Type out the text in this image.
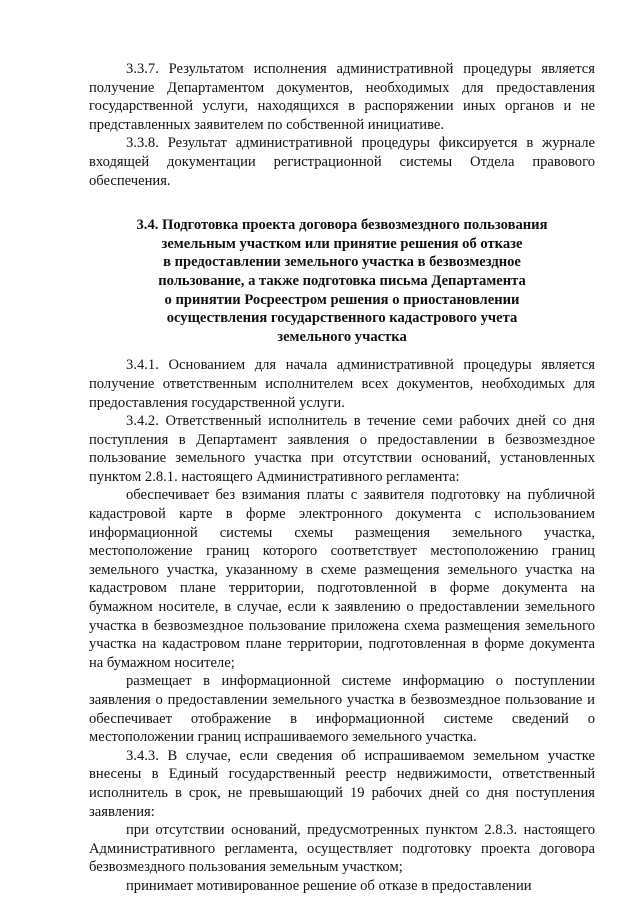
3.3.7. Результатом исполнения административной процедуры является получение Департаментом документов, необходимых для предоставления государственной услуги, находящихся в распоряжении иных органов и не представленных заявителем по собственной инициативе.

3.3.8. Результат административной процедуры фиксируется в журнале входящей документации регистрационной системы Отдела правового обеспечения.

3.4. Подготовка проекта договора безвозмездного пользования
земельным участком или принятие решения об отказе
в предоставлении земельного участка в безвозмездное
пользование, а также подготовка письма Департамента
о принятии Росреестром решения о приостановлении
осуществления государственного кадастрового учета
земельного участка

3.4.1. Основанием для начала административной процедуры является получение ответственным исполнителем всех документов, необходимых для предоставления государственной услуги.

3.4.2. Ответственный исполнитель в течение семи рабочих дней со дня поступления в Департамент заявления о предоставлении в безвозмездное пользование земельного участка при отсутствии оснований, установленных пунктом 2.8.1. настоящего Административного регламента:

обеспечивает без взимания платы с заявителя подготовку на публичной кадастровой карте в форме электронного документа с использованием информационной системы схемы размещения земельного участка, местоположение границ которого соответствует местоположению границ земельного участка, указанному в схеме размещения земельного участка на кадастровом плане территории, подготовленной в форме документа на бумажном носителе, в случае, если к заявлению о предоставлении земельного участка в безвозмездное пользование приложена схема размещения земельного участка на кадастровом плане территории, подготовленная в форме документа на бумажном носителе;

размещает в информационной системе информацию о поступлении заявления о предоставлении земельного участка в безвозмездное пользование и обеспечивает отображение в информационной системе сведений о местоположении границ испрашиваемого земельного участка.

3.4.3. В случае, если сведения об испрашиваемом земельном участке внесены в Единый государственный реестр недвижимости, ответственный исполнитель в срок, не превышающий 19 рабочих дней со дня поступления заявления:

при отсутствии оснований, предусмотренных пунктом 2.8.3. настоящего Административного регламента, осуществляет подготовку проекта договора безвозмездного пользования земельным участком;

принимает мотивированное решение об отказе в предоставлении
